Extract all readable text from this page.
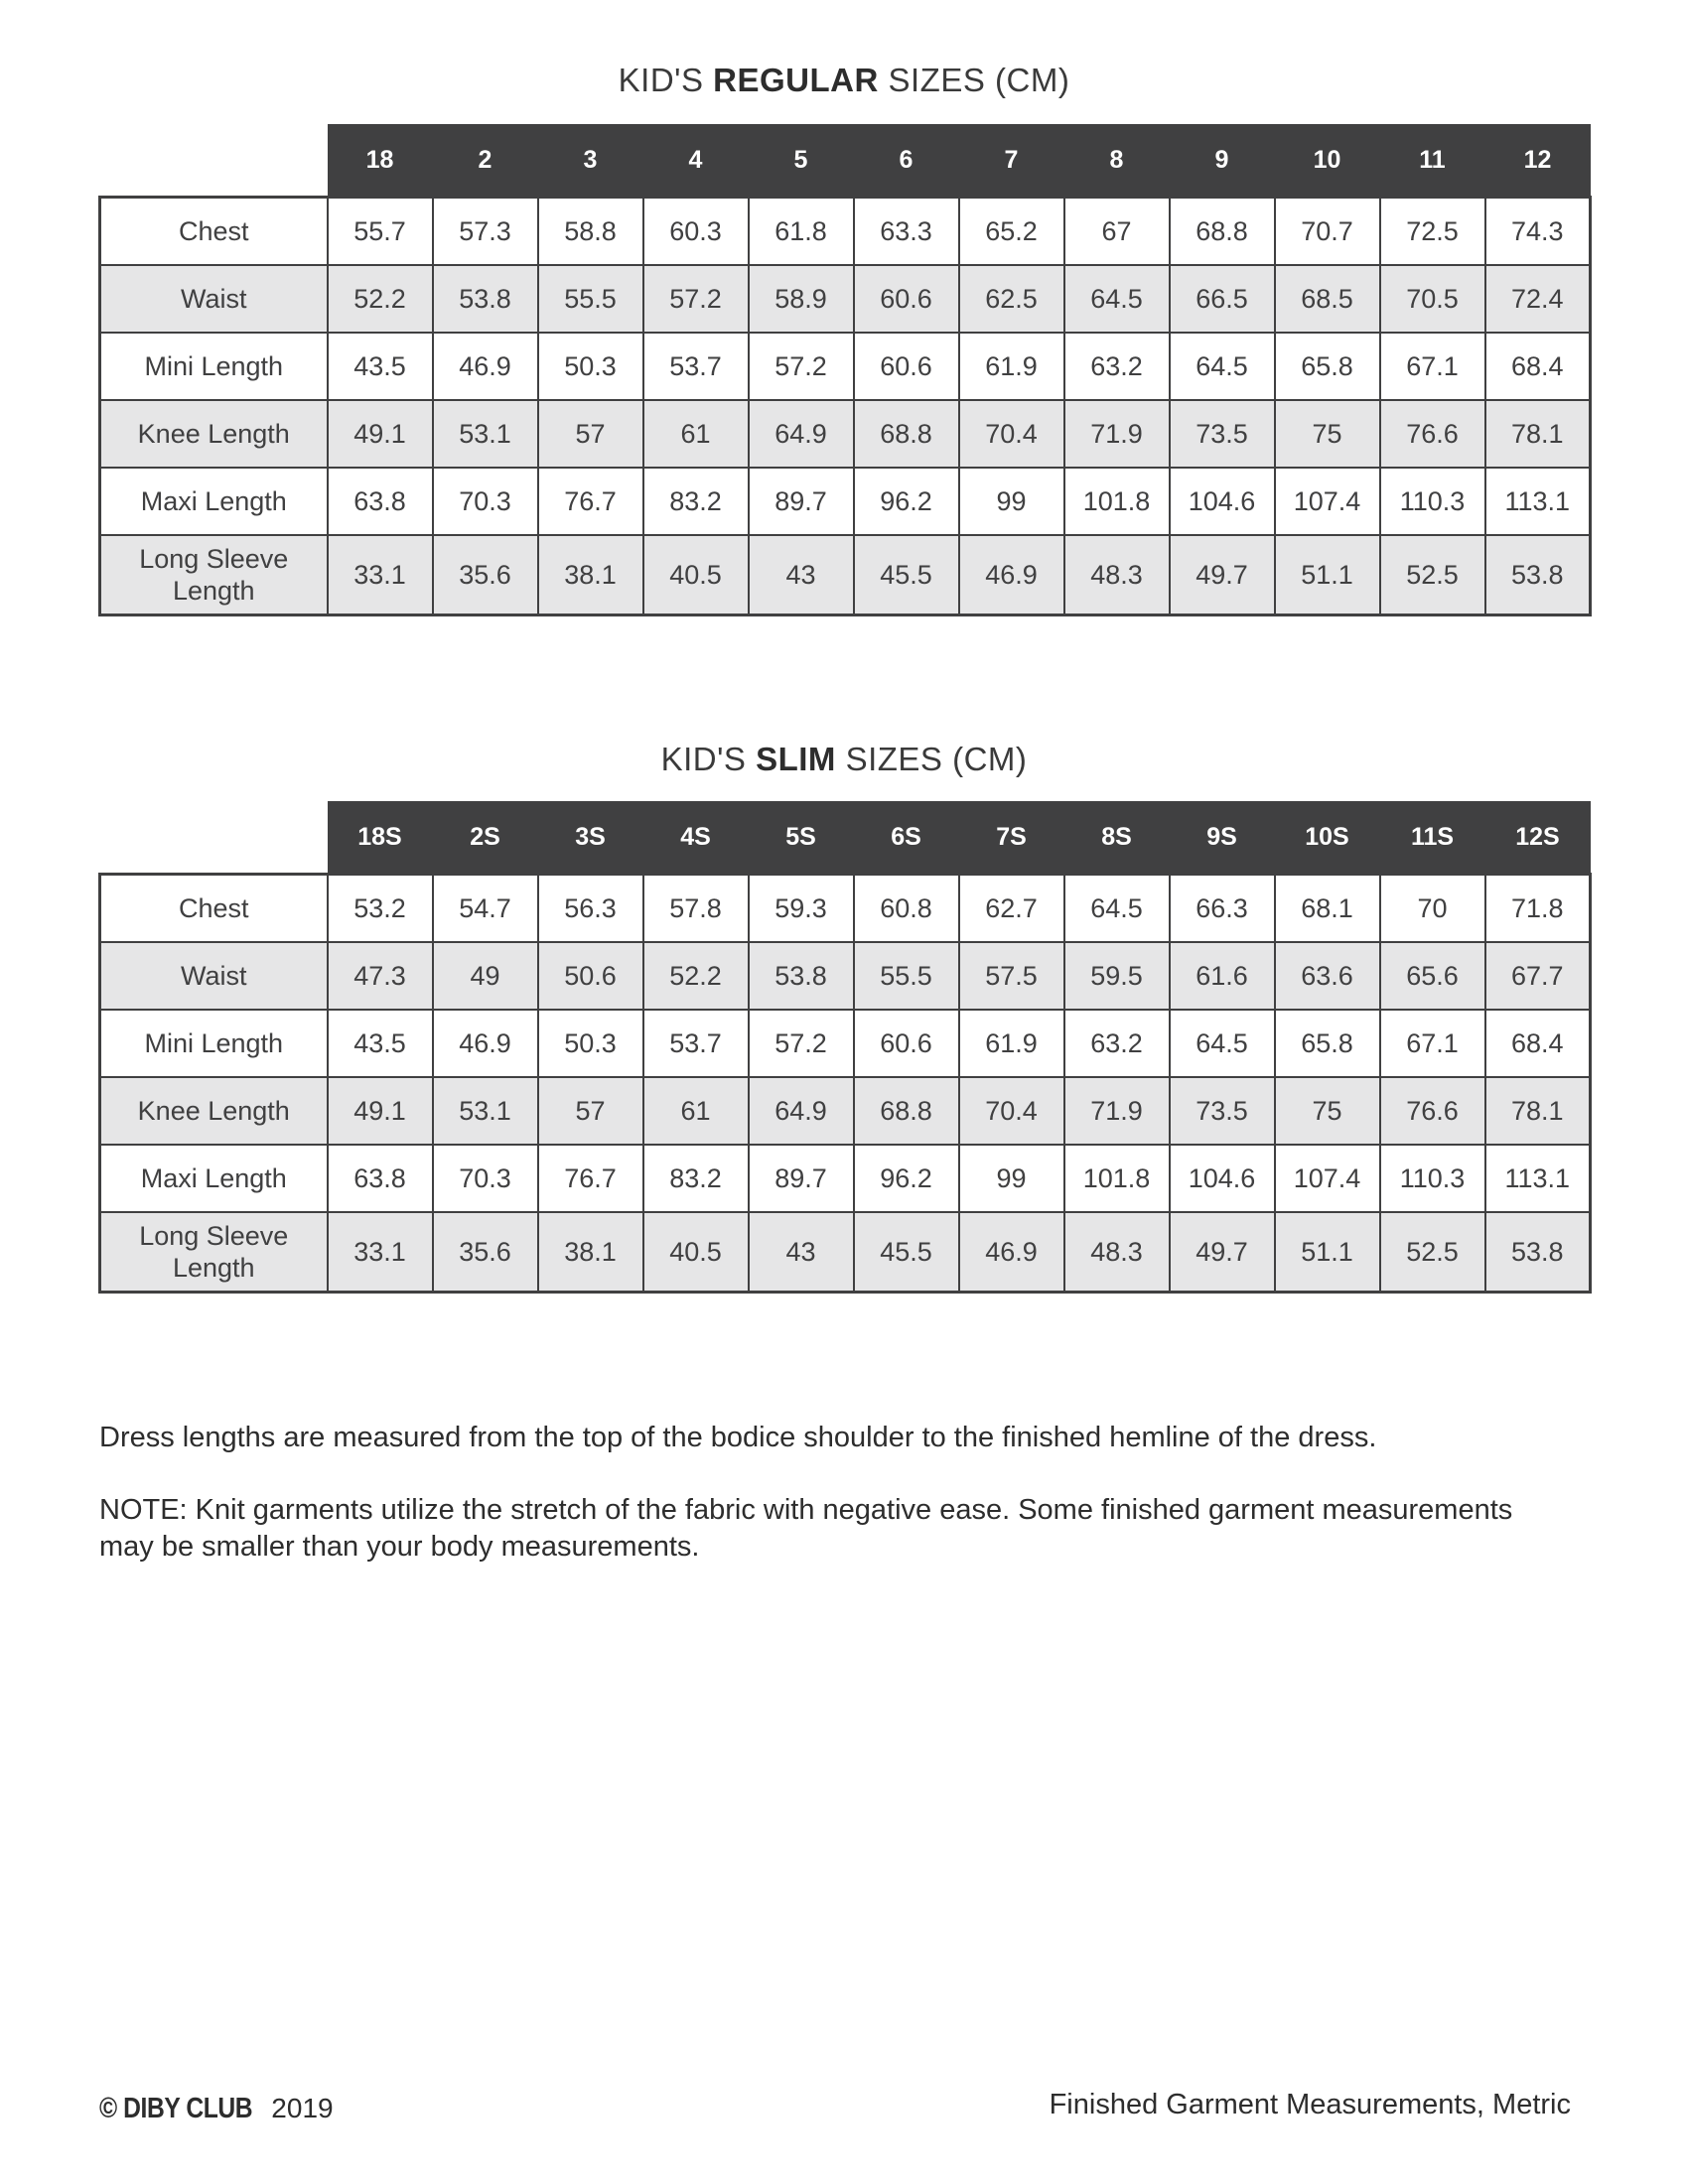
KID'S REGULAR SIZES (CM)
	18	2	3	4	5	6	7	8	9	10	11	12
Chest	55.7	57.3	58.8	60.3	61.8	63.3	65.2	67	68.8	70.7	72.5	74.3
Waist	52.2	53.8	55.5	57.2	58.9	60.6	62.5	64.5	66.5	68.5	70.5	72.4
Mini Length	43.5	46.9	50.3	53.7	57.2	60.6	61.9	63.2	64.5	65.8	67.1	68.4
Knee Length	49.1	53.1	57	61	64.9	68.8	70.4	71.9	73.5	75	76.6	78.1
Maxi Length	63.8	70.3	76.7	83.2	89.7	96.2	99	101.8	104.6	107.4	110.3	113.1
Long Sleeve
Length	33.1	35.6	38.1	40.5	43	45.5	46.9	48.3	49.7	51.1	52.5	53.8
KID'S SLIM SIZES (CM)
	18S	2S	3S	4S	5S	6S	7S	8S	9S	10S	11S	12S
Chest	53.2	54.7	56.3	57.8	59.3	60.8	62.7	64.5	66.3	68.1	70	71.8
Waist	47.3	49	50.6	52.2	53.8	55.5	57.5	59.5	61.6	63.6	65.6	67.7
Mini Length	43.5	46.9	50.3	53.7	57.2	60.6	61.9	63.2	64.5	65.8	67.1	68.4
Knee Length	49.1	53.1	57	61	64.9	68.8	70.4	71.9	73.5	75	76.6	78.1
Maxi Length	63.8	70.3	76.7	83.2	89.7	96.2	99	101.8	104.6	107.4	110.3	113.1
Long Sleeve
Length	33.1	35.6	38.1	40.5	43	45.5	46.9	48.3	49.7	51.1	52.5	53.8
Dress lengths are measured from the top of the bodice shoulder to the finished hemline of the dress.
NOTE: Knit garments utilize the stretch of the fabric with negative ease. Some finished garment measurements may be smaller than your body measurements.
© DIBY CLUB 2019	Finished Garment Measurements, Metric
